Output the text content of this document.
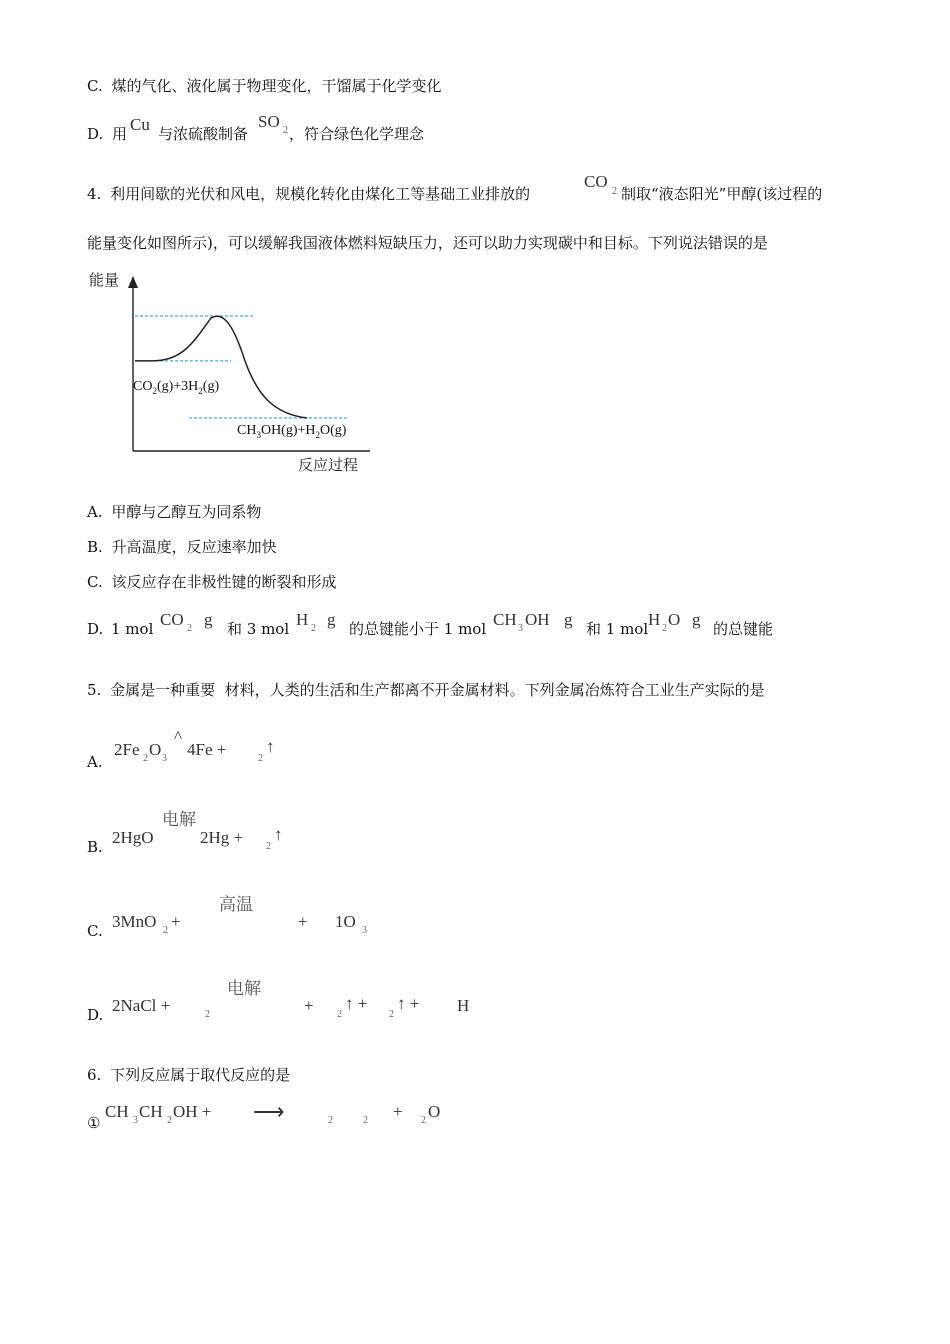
C. 煤的气化、液化属于物理变化，干馏属于化学变化
D. 用 Cu 与浓硫酸制备
SO 2 ，符合绿色化学理念
4. 利用间歇的光伏和风电，规模化转化由煤化工等基础工业排放的
CO
2 制取“液态阳光”甲醇(该过程的
能量变化如图所示)，可以缓解我国液体燃料短缺压力，还可以助力实现碳中和目标。下列说法错误的是
能量
$CO_2(g)+3H_2(g)$
$CH_3OH(g)+H_2O(g)$
反应过程
A. 甲醇与乙醇互为同系物
B. 升高温度，反应速率加快
C. 该反应存在非极性键的断裂和形成
D. 1 mol CO 2 g 和 3 mol H 2 g 的总键能小于 1 mol CH 3 OH g 和 1 mol H 2 O g 的总键能
5. 金属是一种重要  材料，人类的生活和生产都离不开金属材料。下列金属冶炼符合工业生产实际的是
A.
2Fe 2 O 3
^
4Fe +	2
↑
B. 2HgO
电解
2Hg + 2
↑
C. 3MnO 2 +
高温
+ 1O 3
D. 2NaCl +	2
电解
+ 2
↑ +
2
↑ + H
6. 下列反应属于取代反应的是
①
CH 3 CH 2 OH + ⟶	2	2 + 2 O
